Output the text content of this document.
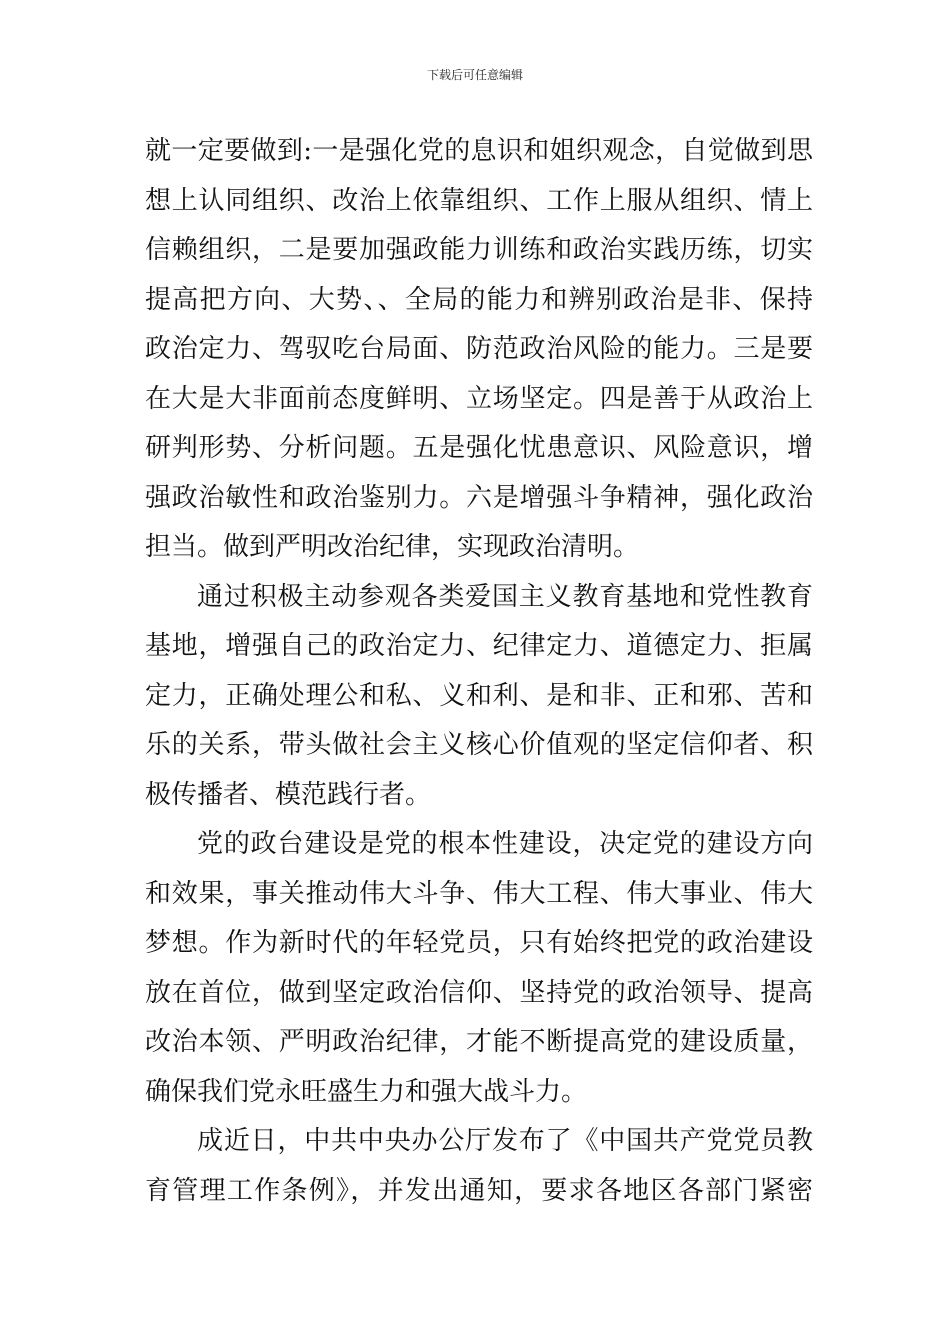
下载后可任意编辑
就一定要做到:一是强化党的息识和姐织观念，自觉做到思
想上认同组织、改治上依靠组织、工作上服从组织、情上
信赖组织，二是要加强政能力训练和政治实践历练，切实
提高把方向、大势、、全局的能力和辨别政治是非、保持
政治定力、驾驭吃台局面、防范政治风险的能力。三是要
在大是大非面前态度鲜明、立场坚定。四是善于从政治上
研判形势、分析问题。五是强化忧患意识、风险意识，增
强政治敏性和政治鉴别力。六是增强斗争精神，强化政治
担当。做到严明改治纪律，实现政治清明。
通过积极主动参观各类爱国主义教育基地和党性教育
基地，增强自己的政治定力、纪律定力、道德定力、拒属
定力，正确处理公和私、义和利、是和非、正和邪、苦和
乐的关系，带头做社会主义核心价值观的坚定信仰者、积
极传播者、模范践行者。
党的政台建设是党的根本性建设，决定党的建设方向
和效果，事关推动伟大斗争、伟大工程、伟大事业、伟大
梦想。作为新时代的年轻党员，只有始终把党的政治建设
放在首位，做到坚定政治信仰、坚持党的政治领导、提高
改治本领、严明政治纪律，才能不断提高党的建设质量，
确保我们党永旺盛生力和强大战斗力。
成近日，中共中央办公厅发布了《中国共产党党员教
育管理工作条例》，并发出通知，要求各地区各部门紧密
